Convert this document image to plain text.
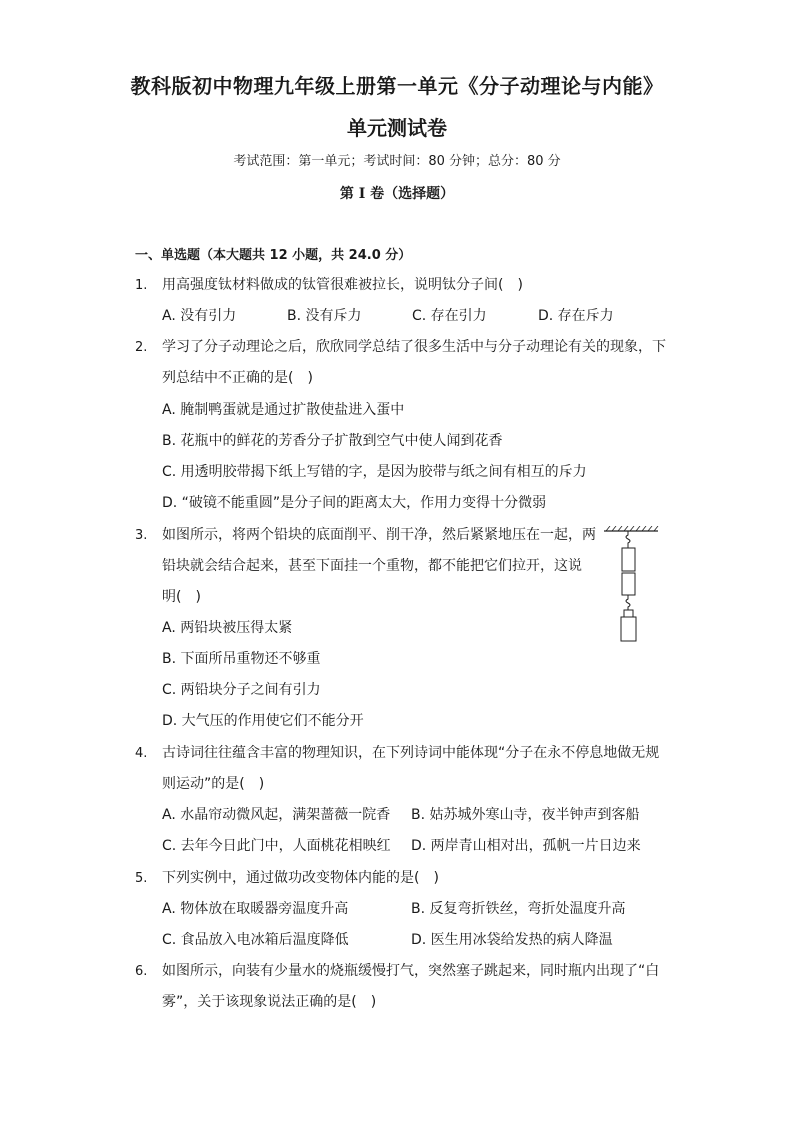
教科版初中物理九年级上册第一单元《分子动理论与内能》
单元测试卷
考试范围：第一单元；考试时间：80 分钟；总分：80 分
第 I 卷（选择题）
一、单选题（本大题共 12 小题，共 24.0 分）
1. 用高强度钛材料做成的钛管很难被拉长，说明钛分子间(　)
A. 没有引力	B. 没有斥力	C. 存在引力	D. 存在斥力
2. 学习了分子动理论之后，欣欣同学总结了很多生活中与分子动理论有关的现象，下
列总结中不正确的是(　)
A. 腌制鸭蛋就是通过扩散使盐进入蛋中
B. 花瓶中的鲜花的芳香分子扩散到空气中使人闻到花香
C. 用透明胶带揭下纸上写错的字，是因为胶带与纸之间有相互的斥力
D. “破镜不能重圆”是分子间的距离太大，作用力变得十分微弱
3. 如图所示，将两个铅块的底面削平、削干净，然后紧紧地压在一起，两
铅块就会结合起来，甚至下面挂一个重物，都不能把它们拉开，这说
明(　)
A. 两铅块被压得太紧
B. 下面所吊重物还不够重
C. 两铅块分子之间有引力
D. 大气压的作用使它们不能分开
4. 古诗词往往蕴含丰富的物理知识，在下列诗词中能体现“分子在永不停息地做无规
则运动”的是(　)
A. 水晶帘动微风起，满架蔷薇一院香 B. 姑苏城外寒山寺，夜半钟声到客船
C. 去年今日此门中，人面桃花相映红 D. 两岸青山相对出，孤帆一片日边来
5. 下列实例中，通过做功改变物体内能的是(　)
A. 物体放在取暖器旁温度升高	B. 反复弯折铁丝，弯折处温度升高
C. 食品放入电冰箱后温度降低	D. 医生用冰袋给发热的病人降温
6. 如图所示，向装有少量水的烧瓶缓慢打气，突然塞子跳起来，同时瓶内出现了“白
雾”，关于该现象说法正确的是(　)
